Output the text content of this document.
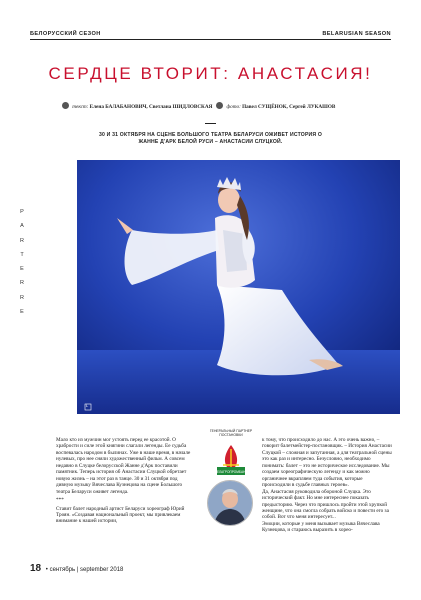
БЕЛОРУССКИЙ СЕЗОН	BELARUSIAN SEASON
СЕРДЦЕ ВТОРИТ: АНАСТАСИЯ!
текст: Елена БАЛАБАНОВИЧ, Светлана ШИДЛОВСКАЯ	фото: Павел СУЩЁНОК, Сергей ЛУКАШОВ
30 И 31 ОКТЯБРЯ НА СЦЕНЕ БОЛЬШОГО ТЕАТРА БЕЛАРУСИ ОЖИВЕТ ИСТОРИЯ О ЖАННЕ Д'АРК БЕЛОЙ РУСИ – АНАСТАСИИ СЛУЦКОЙ.
P
A
R
T
E
R
R
E
L

Мало кто из мужчин мог устоять перед ее красотой. О храбрости и силе этой княгини слагали легенды. Ее судьба воспевалась народом в былинах. Уже в наше время, в начале нулевых, про нее сняли художественный фильм. А совсем недавно в Слуцке белорусской Жанне д'Арк поставили памятник. Теперь история об Анастасии Слуцкой обретает новую жизнь – на этот раз в танце. 30 и 31 октября под дивную музыку Вячеслава Кузнецова на сцене Большого театра Беларуси оживет легенда.

***

Ставит балет народный артист Беларуси хореограф Юрий Троян. «Создавая национальный проект, мы привлекаем внимание к нашей истории,

ГЕНЕРАЛЬНЫЙ ПАРТНЕР ПОСТАНОВКИ
БЕЛАГРОПРОМБАНК

к тому, что происходило до нас. А это очень важно, – говорит балетмейстер-постановщик. – История Анастасии Слуцкой – сложная и запутанная, а для театральной сцены это как раз и интересно. Безусловно, необходимо понимать: балет – это не историческое исследование. Мы создаем хореографическую легенду и как можно органичнее вкрапляем туда события, которые происходили в судьбе главных героев».

Да, Анастасия руководила обороной Слуцка. Это исторический факт. Но мне интереснее показать предысторию. Через что пришлось пройти этой хрупкой женщине, что она смогла собрать войско и повести его за собой. Вот что меня интересует...

Эмоции, которые у меня вызывает музыка Вячеслава Кузнецова, и стараюсь выразить в хорео-

18 • сентябрь | september 2018
